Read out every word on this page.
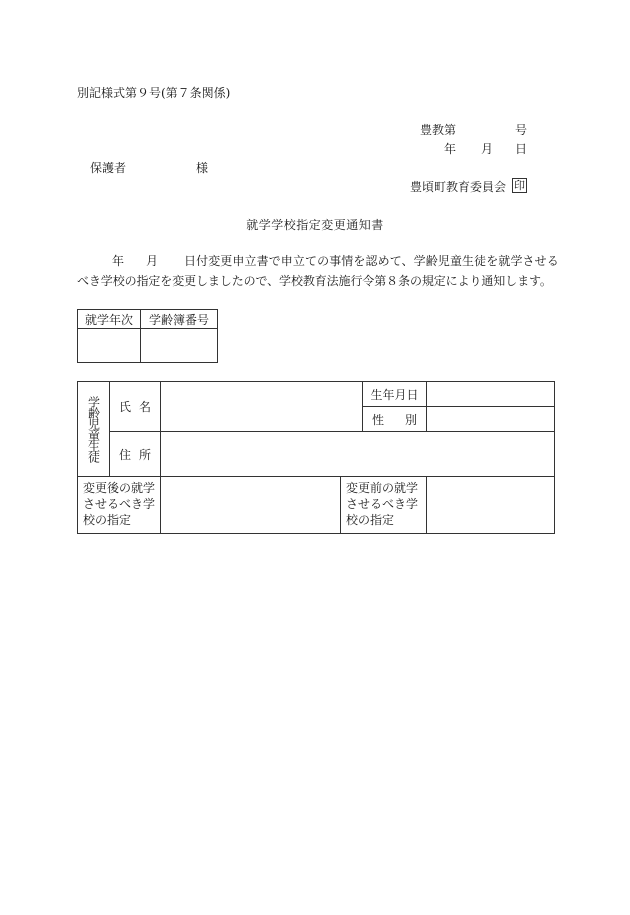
別記様式第９号(第７条関係)
豊教第	号
年 月 日
保護者	様
豊頃町教育委員会 印
就学学校指定変更通知書
年 月 日付変更申立書で申立ての事情を認めて、学齢児童生徒を就学させる
べき学校の指定を変更しましたので、学校教育法施行令第８条の規定により通知します。
就学年次	学齢簿番号

学齢児童生徒	氏 名			生年月日	

				性 別	

	住 所				

変更後の就学させるべき学校の指定			変更前の就学させるべき学校の指定		
